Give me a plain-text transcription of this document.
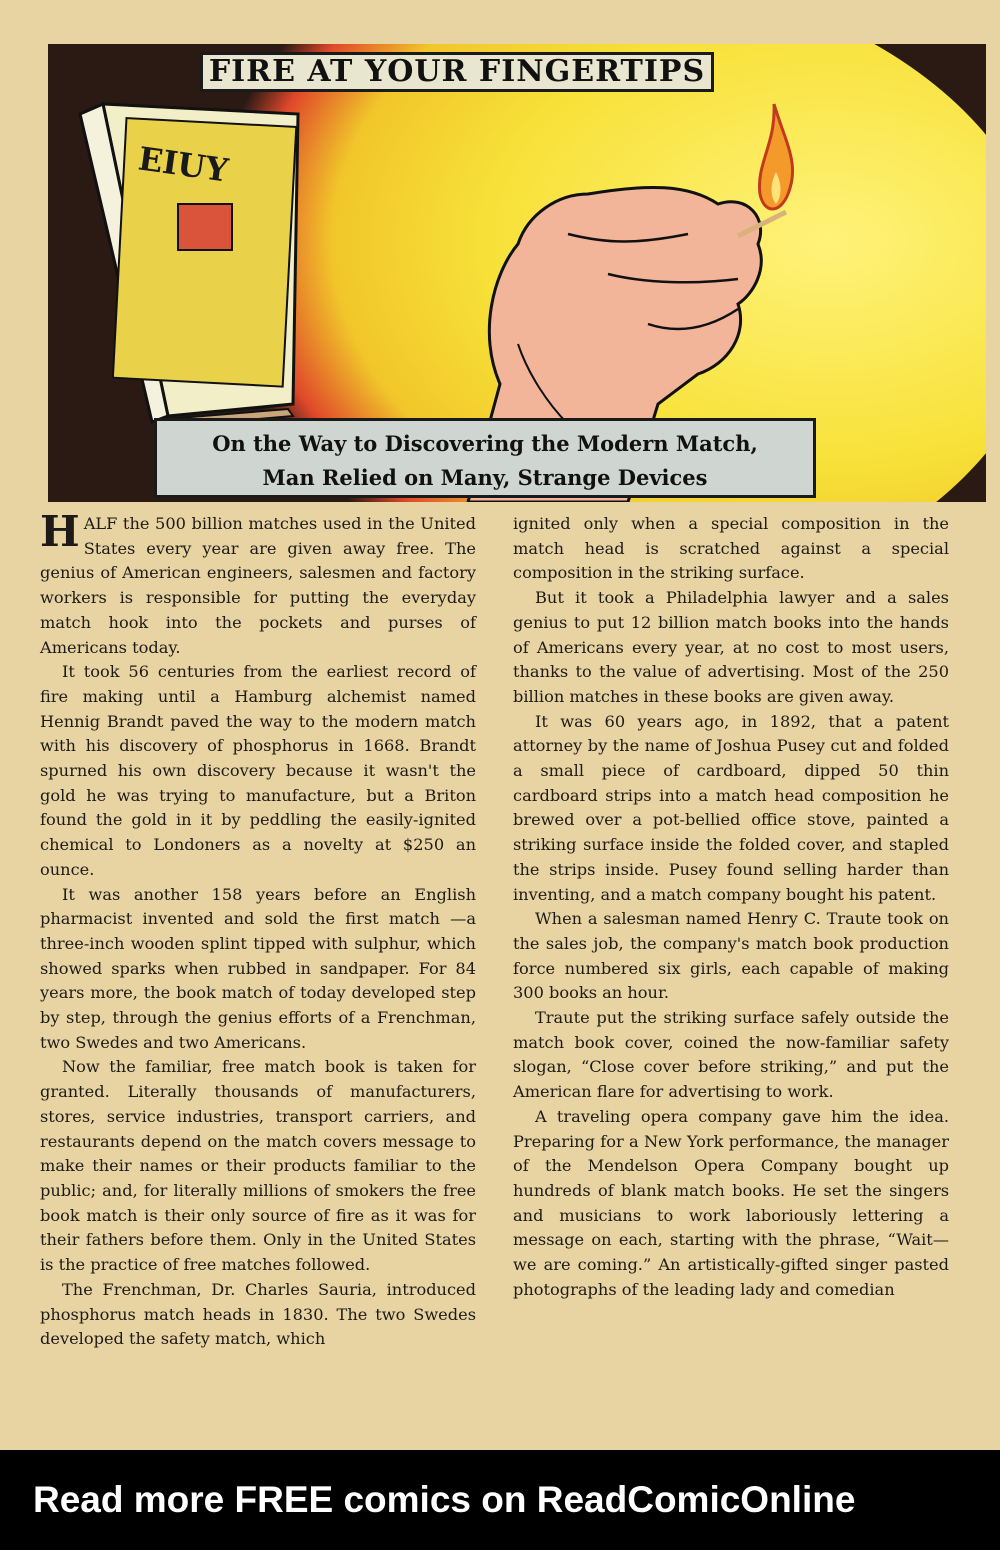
EIUY
FIRE AT YOUR FINGERTIPS
On the Way to Discovering the Modern Match,
Man Relied on Many, Strange Devices

HALF the 500 billion matches used in the United States every year are given away free. The genius of American engineers, salesmen and factory workers is responsible for putting the everyday match hook into the pockets and purses of Americans today.

It took 56 centuries from the earliest record of fire making until a Hamburg alchemist named Hennig Brandt paved the way to the modern match with his discovery of phosphorus in 1668. Brandt spurned his own discovery because it wasn't the gold he was trying to manufacture, but a Briton found the gold in it by peddling the easily-ignited chemical to Londoners as a novelty at $250 an ounce.

It was another 158 years before an English pharmacist invented and sold the first match —a three-inch wooden splint tipped with sulphur, which showed sparks when rubbed in sandpaper. For 84 years more, the book match of today developed step by step, through the genius efforts of a Frenchman, two Swedes and two Americans.

Now the familiar, free match book is taken for granted. Literally thousands of manufacturers, stores, service industries, transport carriers, and restaurants depend on the match covers message to make their names or their products familiar to the public; and, for literally millions of smokers the free book match is their only source of fire as it was for their fathers before them. Only in the United States is the practice of free matches followed.

The Frenchman, Dr. Charles Sauria, introduced phosphorus match heads in 1830. The two Swedes developed the safety match, which

ignited only when a special composition in the match head is scratched against a special composition in the striking surface.

But it took a Philadelphia lawyer and a sales genius to put 12 billion match books into the hands of Americans every year, at no cost to most users, thanks to the value of advertising. Most of the 250 billion matches in these books are given away.

It was 60 years ago, in 1892, that a patent attorney by the name of Joshua Pusey cut and folded a small piece of cardboard, dipped 50 thin cardboard strips into a match head composition he brewed over a pot-bellied office stove, painted a striking surface inside the folded cover, and stapled the strips inside. Pusey found selling harder than inventing, and a match company bought his patent.

When a salesman named Henry C. Traute took on the sales job, the company's match book production force numbered six girls, each capable of making 300 books an hour.

Traute put the striking surface safely outside the match book cover, coined the now-familiar safety slogan, “Close cover before striking,” and put the American flare for advertising to work.

A traveling opera company gave him the idea. Preparing for a New York performance, the manager of the Mendelson Opera Company bought up hundreds of blank match books. He set the singers and musicians to work laboriously lettering a message on each, starting with the phrase, “Wait—we are coming.” An artistically-gifted singer pasted photographs of the leading lady and comedian

Read more FREE comics on ReadComicOnline
